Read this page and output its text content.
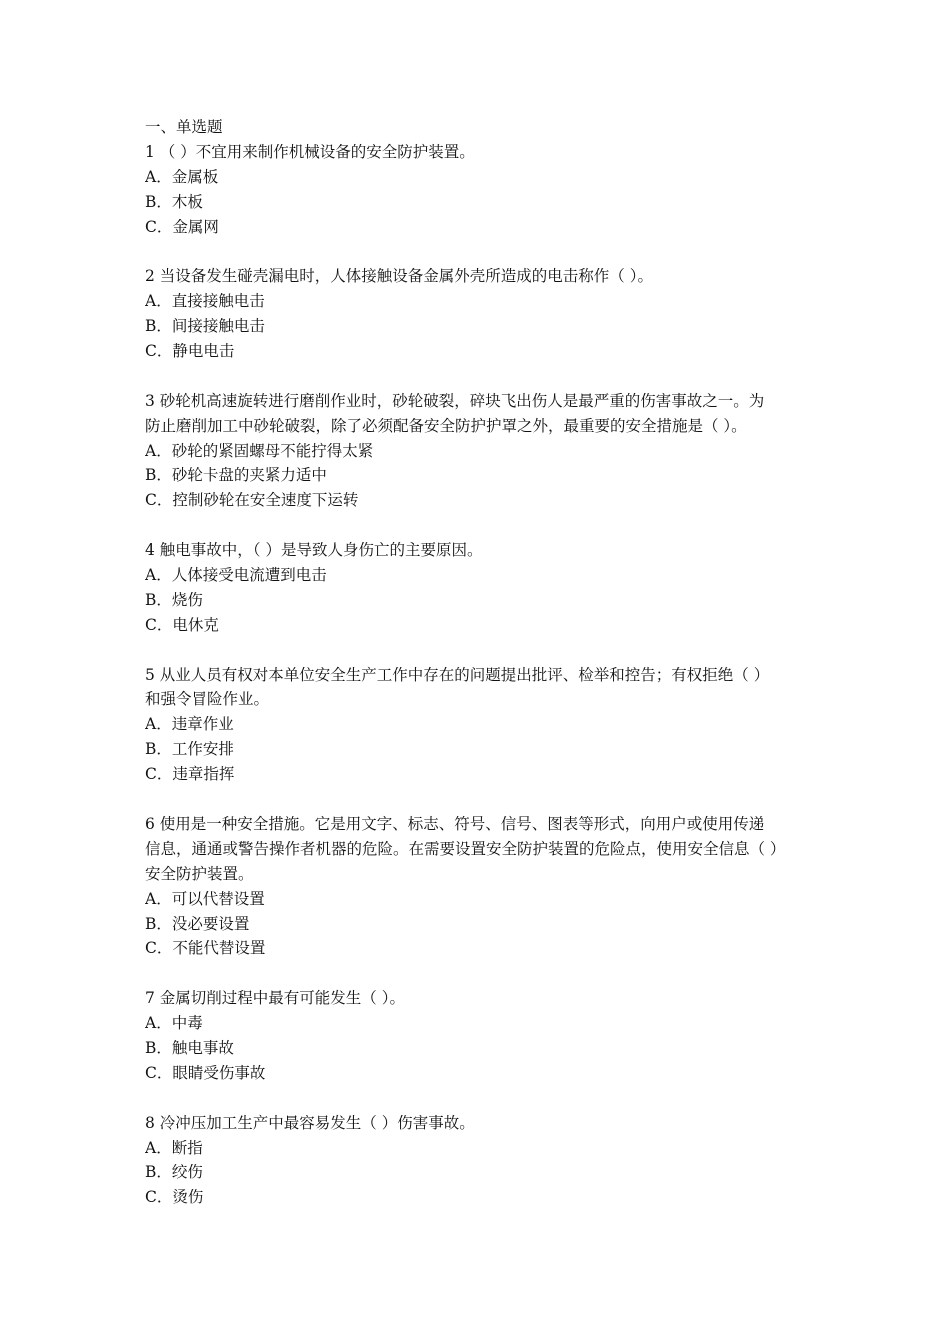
一、单选题
1 （ ）不宜用来制作机械设备的安全防护装置。
A．金属板
B．木板
C．金属网
2 当设备发生碰壳漏电时，人体接触设备金属外壳所造成的电击称作（ ）。
A．直接接触电击
B．间接接触电击
C．静电电击
3 砂轮机高速旋转进行磨削作业时，砂轮破裂，碎块飞出伤人是最严重的伤害事故之一。为
防止磨削加工中砂轮破裂，除了必须配备安全防护护罩之外，最重要的安全措施是（ ）。
A．砂轮的紧固螺母不能拧得太紧
B．砂轮卡盘的夹紧力适中
C．控制砂轮在安全速度下运转
4 触电事故中，（ ）是导致人身伤亡的主要原因。
A．人体接受电流遭到电击
B．烧伤
C．电休克
5 从业人员有权对本单位安全生产工作中存在的问题提出批评、检举和控告；有权拒绝（ ）
和强令冒险作业。
A．违章作业
B．工作安排
C．违章指挥
6 使用是一种安全措施。它是用文字、标志、符号、信号、图表等形式，向用户或使用传递
信息，通通或警告操作者机器的危险。在需要设置安全防护装置的危险点，使用安全信息（ ）
安全防护装置。
A．可以代替设置
B．没必要设置
C．不能代替设置
7 金属切削过程中最有可能发生（ ）。
A．中毒
B．触电事故
C．眼睛受伤事故
8 冷冲压加工生产中最容易发生（ ）伤害事故。
A．断指
B．绞伤
C．烫伤
